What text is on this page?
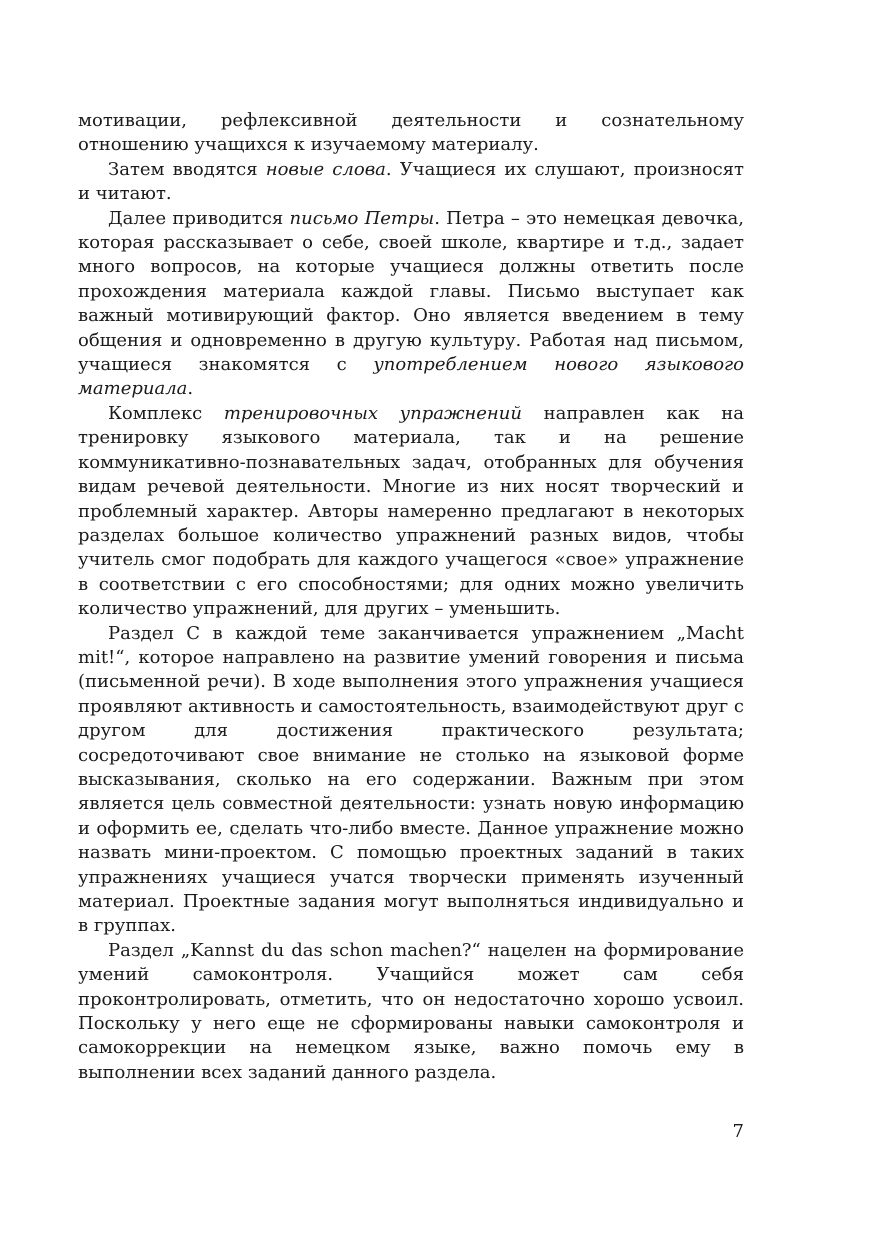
мотивации, рефлексивной деятельности и сознательному отношению учащихся к изучаемому материалу.

Затем вводятся новые слова. Учащиеся их слушают, произносят и читают.

Далее приводится письмо Петры. Петра – это немецкая девочка, которая рассказывает о себе, своей школе, квартире и т.д., задает много вопросов, на которые учащиеся должны ответить после прохождения материала каждой главы. Письмо выступает как важный мотивирующий фактор. Оно является введением в тему общения и одновременно в другую культуру. Работая над письмом, учащиеся знакомятся с употреблением нового языкового материала.

Комплекс тренировочных упражнений направлен как на тренировку языкового материала, так и на решение коммуникативно-познавательных задач, отобранных для обучения видам речевой деятельности. Многие из них носят творческий и проблемный характер. Авторы намеренно предлагают в некоторых разделах большое количество упражнений разных видов, чтобы учитель смог подобрать для каждого учащегося «свое» упражнение в соответствии с его способностями; для одних можно увеличить количество упражнений, для других – уменьшить.

Раздел С в каждой теме заканчивается упражнением „Macht mit!“, которое направлено на развитие умений говорения и письма (письменной речи). В ходе выполнения этого упражнения учащиеся проявляют активность и самостоятельность, взаимодействуют друг с другом для достижения практического результата; сосредоточивают свое внимание не столько на языковой форме высказывания, сколько на его содержании. Важным при этом является цель совместной деятельности: узнать новую информацию и оформить ее, сделать что-либо вместе. Данное упражнение можно назвать мини-проектом. С помощью проектных заданий в таких упражнениях учащиеся учатся творчески применять изученный материал. Проектные задания могут выполняться индивидуально и в группах.

Раздел „Kannst du das schon machen?“ нацелен на формирование умений самоконтроля. Учащийся может сам себя проконтролировать, отметить, что он недостаточно хорошо усвоил. Поскольку у него еще не сформированы навыки самоконтроля и самокоррекции на немецком языке, важно помочь ему в выполнении всех заданий данного раздела.

7
